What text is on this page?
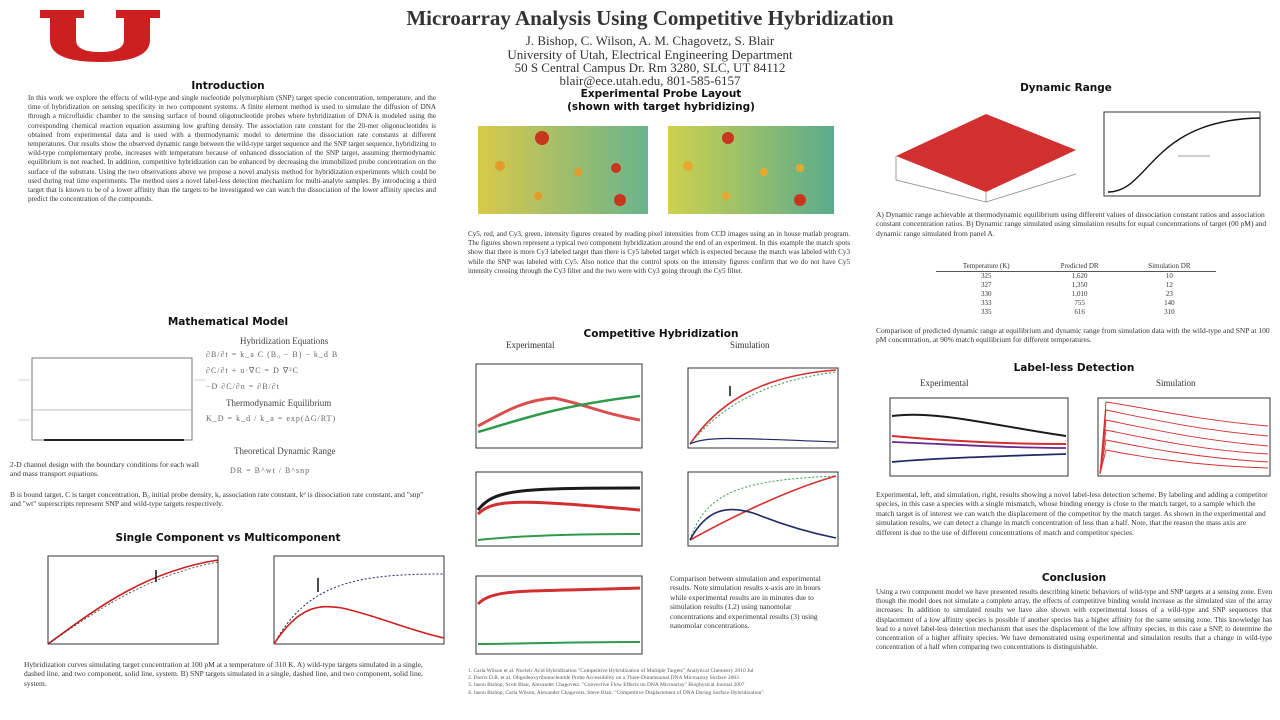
Microarray Analysis Using Competitive Hybridization
J. Bishop, C. Wilson, A. M. Chagovetz, S. Blair
University of Utah, Electrical Engineering Department
50 S Central Campus Dr. Rm 3280, SLC, UT 84112
blair@ece.utah.edu, 801-585-6157
Introduction
In this work we explore the effects of wild-type and single nucleotide polymorphism (SNP) target specie concentration, temperature, and the time of hybridization on sensing specificity in two component systems. A finite element method is used to simulate the diffusion of DNA through a microfluidic chamber to the sensing surface of bound oligonucleotide probes where hybridization of DNA is modeled using the corresponding chemical reaction equation assuming low grafting density. The association rate constant for the 20-mer oligonucleotides is obtained from experimental data and is used with a thermodynamic model to determine the dissociation rate constants at different temperatures. Our results show the observed dynamic range between the wild-type target sequence and the SNP target sequence, hybridizing to wild-type complementary probe, increases with temperature because of enhanced dissociation of the SNP target, assuming thermodynamic equilibrium is not reached. In addition, competitive hybridization can be enhanced by decreasing the immobilized probe concentration on the surface of the substrate. Using the two observations above we propose a novel analysis method for hybridization experiments which could be used during real time experiments. The method uses a novel label-less detection mechanism for multi-analyte samples. By introducing a third target that is known to be of a lower affinity than the targets to be investigated we can watch the dissociation of the lower affinity species and predict the concentration of the compounds.
Mathematical Model
Hybridization Equations
∂B/∂t = k_a C (B₀ − B) − k_d B
∂C/∂t + u·∇C = D ∇²C
−D ∂C/∂n = ∂B/∂t
Thermodynamic Equilibrium
K_D = k_d / k_a = exp(ΔG/RT)
Theoretical Dynamic Range
DR = B^wt / B^snp
2-D channel design with the boundary conditions for each wall and mass transport equations.
B is bound target, C is target concentration, B₀ initial probe density, kₐ association rate constant, kᵈ is dissociation rate constant, and "snp" and "wt" superscripts represent SNP and wild-type targets respectively.
Single Component vs Multicomponent
Hybridization curves simulating target concentration at 100 pM at a temperature of 310 K. A) wild-type targets simulated in a single, dashed line, and two component, solid line, system. B) SNP targets simulated in a single, dashed line, and two component, solid line, system.
Experimental Probe Layout
(shown with target hybridizing)
Cy5, red, and Cy3, green, intensity figures created by reading pixel intensities from CCD images using an in house matlab program. The figures shown represent a typical two component hybridization around the end of an experiment. In this example the match spots show that there is more Cy3 labeled target than there is Cy5 labeled target which is expected because the match was labeled with Cy3 while the SNP was labeled with Cy5. Also notice that the control spots on the intensity figures confirm that we do not have Cy5 intensity crossing through the Cy3 filter and the two were with Cy3 going through the Cy5 filter.
Competitive Hybridization
Experimental	Simulation
Comparison between simulation and experimental results. Note simulation results x-axis are in hours while experimental results are in minutes due to simulation results (1,2) using nanomolar concentrations and experimental results (3) using nanomolar concentrations.
1. Carla Wilson et al. Nucleic Acid Hybridization "Competitive Hybridization of Multiple Targets" Analytical Chemistry 2010 Jul
2. Dorris D.R. et al. Oligodeoxyribonucleotide Probe Accessibility on a Three-Dimensional DNA Microarray Surface 2003
3. Jason Bishop, Scott Blair, Alexander Chagovetz. "Convective Flow Effects on DNA Microarray" Biophysical Journal 2007
4. Jason Bishop, Carla Wilson, Alexander Chagovetz, Steve Blair. "Competitive Displacement of DNA During Surface Hybridization"
Dynamic Range
A) Dynamic range achievable at thermodynamic equilibrium using different values of dissociation constant ratios and association constant concentration ratios. B) Dynamic range simulated using simulation results for equal concentrations of target (00 pM) and dynamic range simulated from panel A.
Temperature (K)	Predicted DR	Simulation DR
325	1,620	10
327	1,350	12
330	1,010	23
333	755	140
335	616	310
Comparison of predicted dynamic range at equilibrium and dynamic range from simulation data with the wild-type and SNP at 100 pM concentration, at 90% match equilibrium for different temperatures.
Label-less Detection
Experimental	Simulation
Experimental, left, and simulation, right, results showing a novel label-less detection scheme. By labeling and adding a competitor species, in this case a species with a single mismatch, whose binding energy is close to the match target, to a sample which the match target is of interest we can watch the displacement of the competitor by the match target. As shown in the experimental and simulation results, we can detect a change in match concentration of less than a half. Note, that the reason the mass axis are different is due to the use of different concentrations of match and competitor species.
Conclusion
Using a two component model we have presented results describing kinetic behaviors of wild-type and SNP targets at a sensing zone. Even though the model does not simulate a complete array, the effects of competitive binding would increase as the simulated size of the array increases. In addition to simulated results we have also shown with experimental losses of a wild-type and SNP sequences that displacement of a low affinity species is possible if another species has a higher affinity for the same sensing zone. This knowledge has lead to a novel label-less detection mechanism that uses the displacement of the low affinity species, in this case a SNP, to determine the concentration of a higher affinity species. We have demonstrated using experimental and simulation results that a change in wild-type concentration of a half when comparing two concentrations is distinguishable.
